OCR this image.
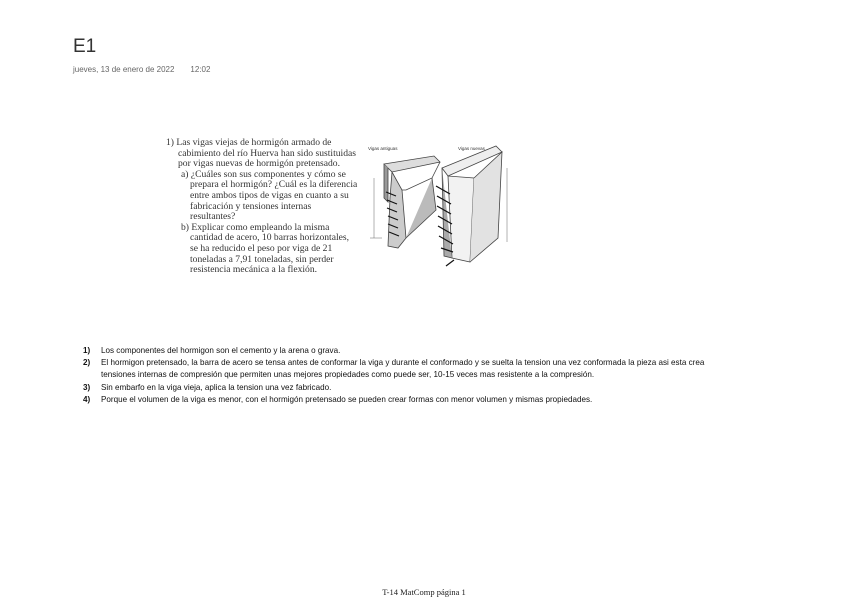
E1
jueves, 13 de enero de 2022 12:02

1) Las vigas viejas de hormigón armado de cabimiento del río Huerva han sido sustituidas por vigas nuevas de hormigón pretensado.

a) ¿Cuáles son sus componentes y cómo se prepara el hormigón? ¿Cuál es la diferencia entre ambos tipos de vigas en cuanto a su fabricación y tensiones internas resultantes?

b) Explicar como empleando la misma cantidad de acero, 10 barras horizontales, se ha reducido el peso por viga de 21 toneladas a 7,91 toneladas, sin perder resistencia mecánica a la flexión.

Vigas antiguas	Vigas nuevas
1) Los componentes del hormigon son el cemento y la arena o grava.
2) El hormigon pretensado, la barra de acero se tensa antes de conformar la viga y durante el conformado y se suelta la tension una vez conformada la pieza asi esta crea tensiones internas de compresión que permiten unas mejores propiedades como puede ser, 10-15 veces mas resistente a la compresión.
3) Sin embarfo en la viga vieja, aplica la tension una vez fabricado.
4) Porque el volumen de la viga es menor, con el hormigón pretensado se pueden crear formas con menor volumen y mismas propiedades.
T-14 MatComp página 1
